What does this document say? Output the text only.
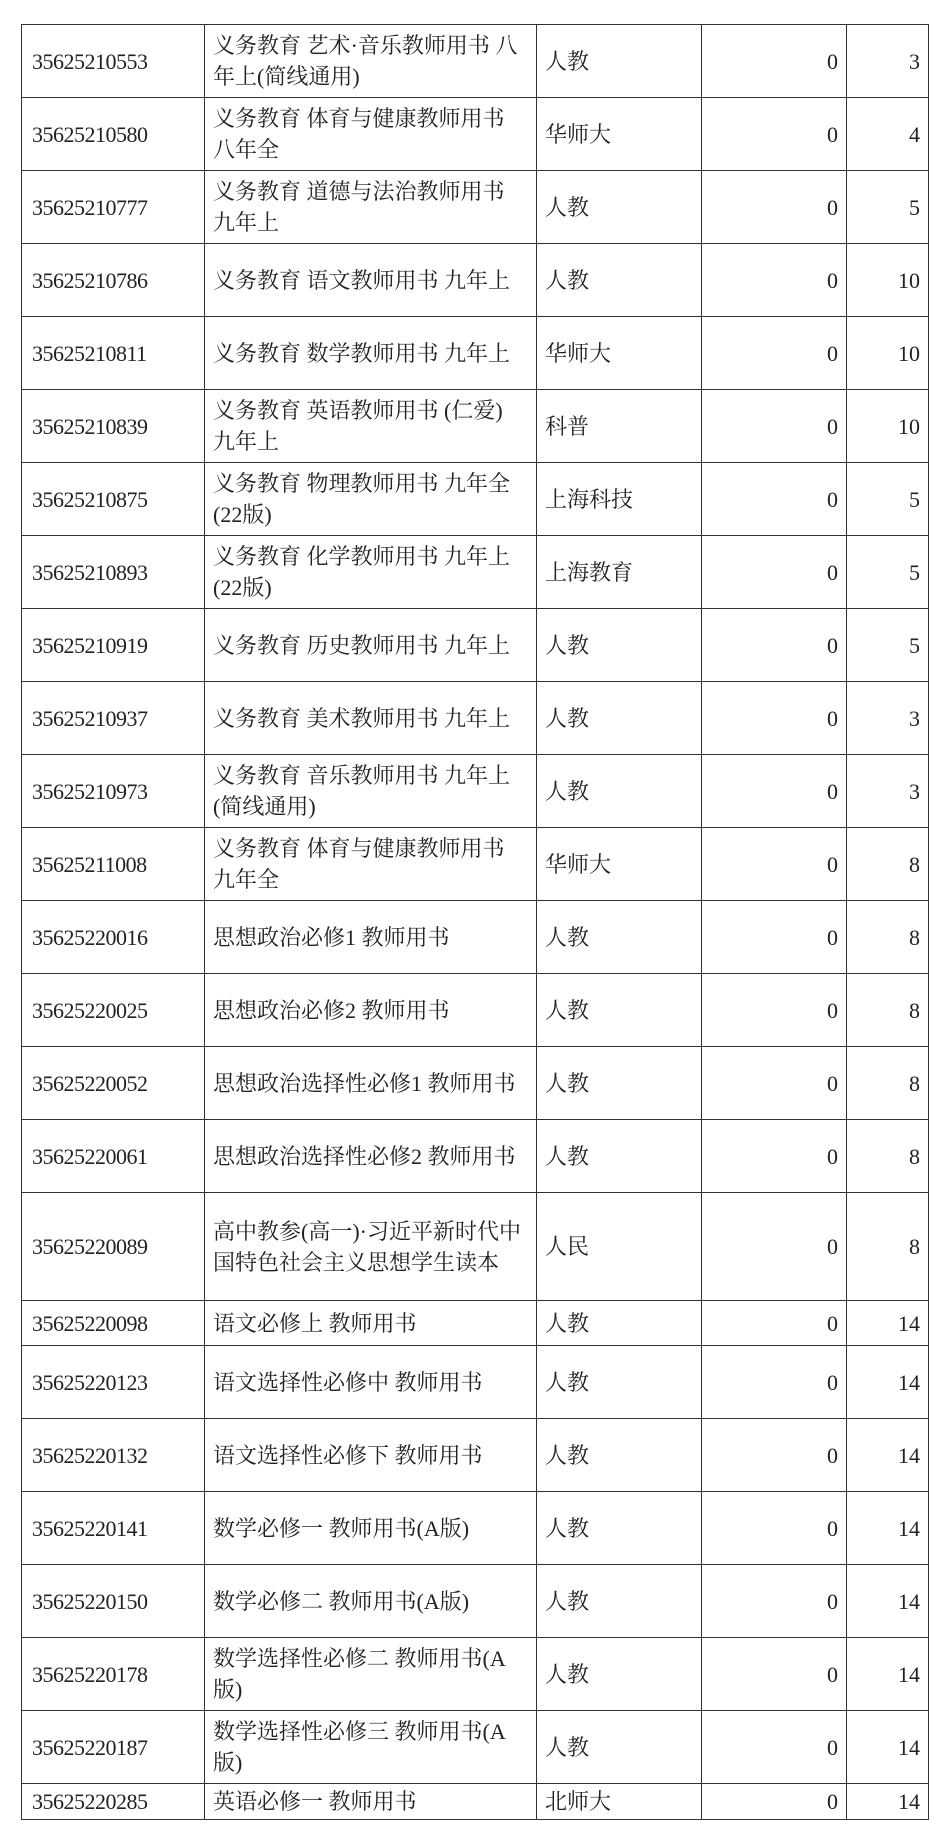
35625210553	义务教育 艺术·音乐教师用书 八年上(简线通用)	人教	0	3
35625210580	义务教育 体育与健康教师用书 八年全	华师大	0	4
35625210777	义务教育 道德与法治教师用书 九年上	人教	0	5
35625210786	义务教育 语文教师用书 九年上	人教	0	10
35625210811	义务教育 数学教师用书 九年上	华师大	0	10
35625210839	义务教育 英语教师用书 (仁爱) 九年上	科普	0	10
35625210875	义务教育 物理教师用书 九年全(22版)	上海科技	0	5
35625210893	义务教育 化学教师用书 九年上(22版)	上海教育	0	5
35625210919	义务教育 历史教师用书 九年上	人教	0	5
35625210937	义务教育 美术教师用书 九年上	人教	0	3
35625210973	义务教育 音乐教师用书 九年上(简线通用)	人教	0	3
35625211008	义务教育 体育与健康教师用书 九年全	华师大	0	8
35625220016	思想政治必修1 教师用书	人教	0	8
35625220025	思想政治必修2 教师用书	人教	0	8
35625220052	思想政治选择性必修1 教师用书	人教	0	8
35625220061	思想政治选择性必修2 教师用书	人教	0	8
35625220089	高中教参(高一)·习近平新时代中国特色社会主义思想学生读本	人民	0	8
35625220098	语文必修上 教师用书	人教	0	14
35625220123	语文选择性必修中 教师用书	人教	0	14
35625220132	语文选择性必修下 教师用书	人教	0	14
35625220141	数学必修一 教师用书(A版)	人教	0	14
35625220150	数学必修二 教师用书(A版)	人教	0	14
35625220178	数学选择性必修二 教师用书(A版)	人教	0	14
35625220187	数学选择性必修三 教师用书(A版)	人教	0	14
35625220285	英语必修一 教师用书	北师大	0	14
